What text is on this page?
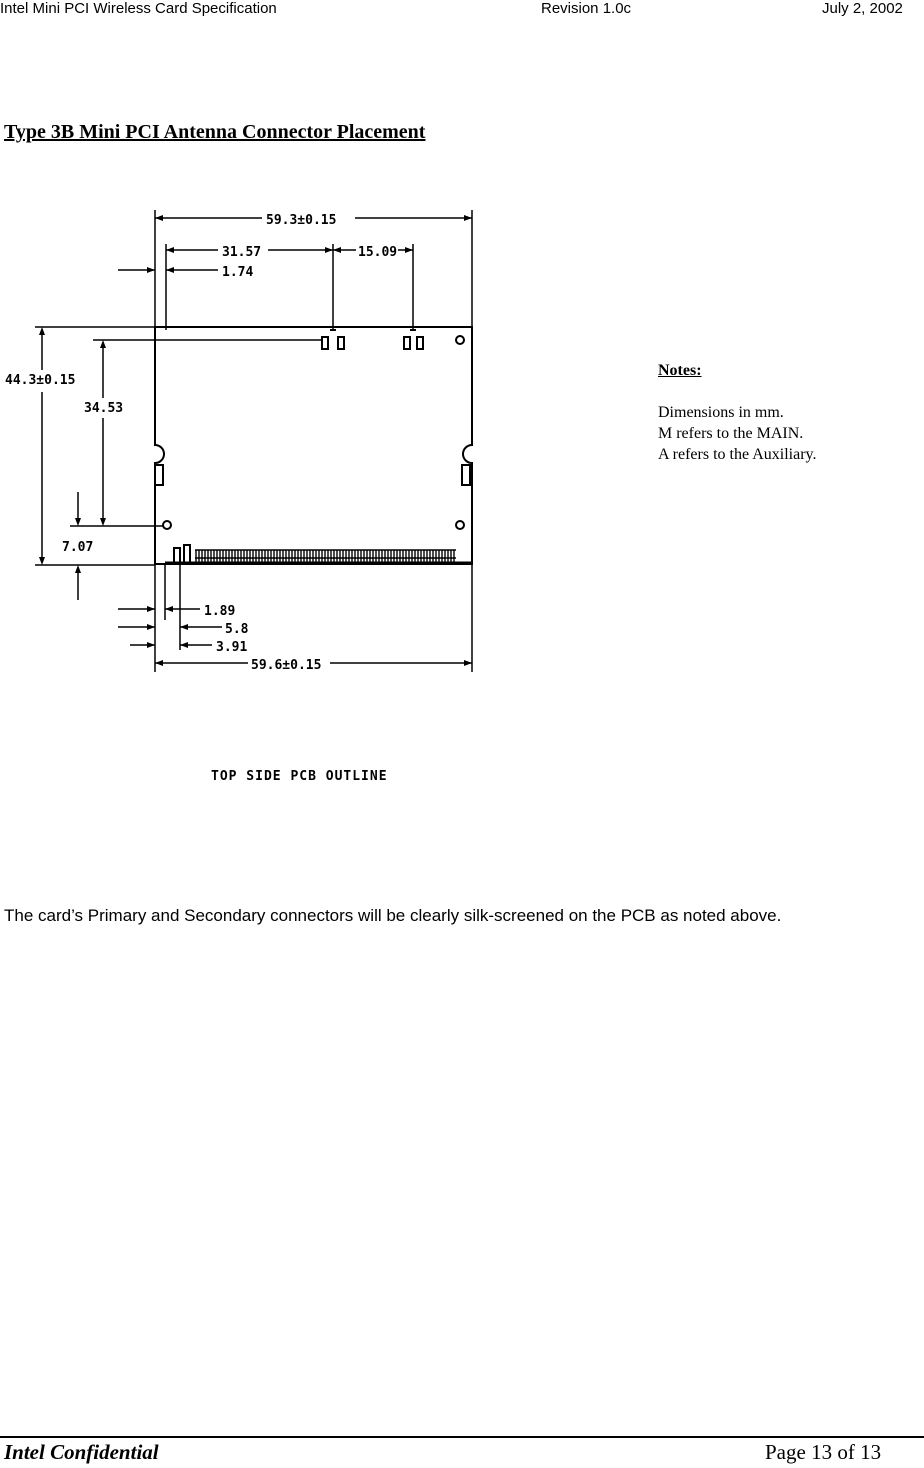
Intel Mini PCI Wireless Card Specification	Revision 1.0c	July 2, 2002
Type 3B Mini PCI Antenna Connector Placement
59.3±0.15
31.57	15.09
1.74
44.3±0.15
34.53
7.07
1.89
5.8
3.91
59.6±0.15
TOP SIDE PCB OUTLINE
Notes:
Dimensions in mm.
M refers to the MAIN.
A refers to the Auxiliary.
The card’s Primary and Secondary connectors will be clearly silk-screened on the PCB as noted above.
Intel Confidential	Page 13 of 13
